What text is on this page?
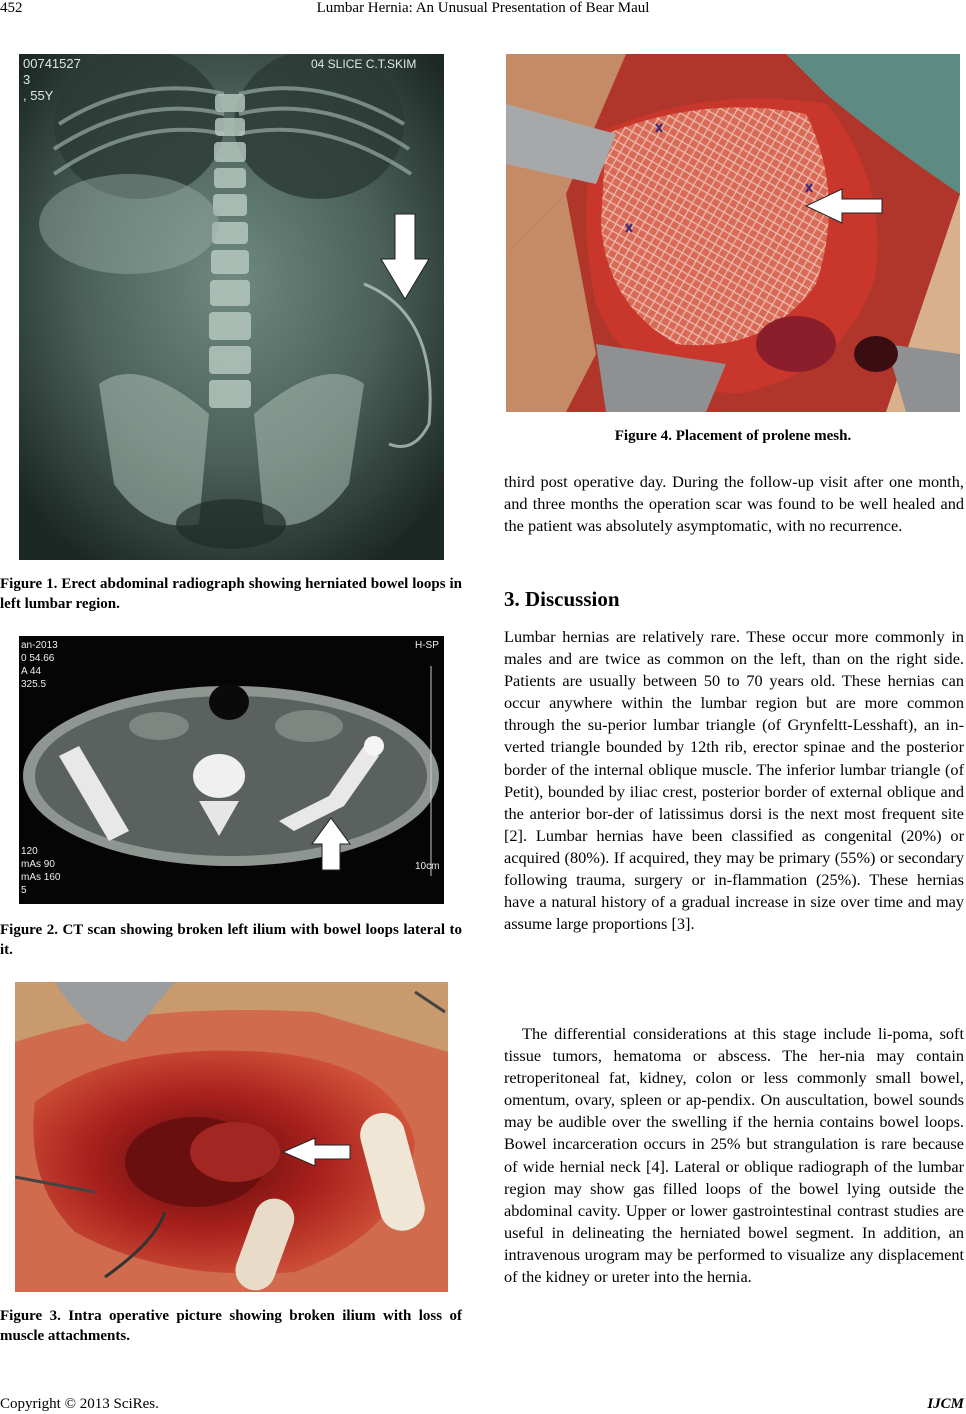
452	Lumbar Hernia: An Unusual Presentation of Bear Maul
00741527
3
, 55Y
04 SLICE C.T.SKIM
Figure 1. Erect abdominal radiograph showing herniated bowel loops in left lumbar region.
an-2013
0 54.66
A 44
325.5
120
mAs 90
mAs 160
5
10cm
H-SP
Figure 2. CT scan showing broken left ilium with bowel loops lateral to it.
Figure 3. Intra operative picture showing broken ilium with loss of muscle attachments.
Figure 4. Placement of prolene mesh.

third post operative day. During the follow-up visit after one month, and three months the operation scar was found to be well healed and the patient was absolutely asymptomatic, with no recurrence.

3. Discussion

Lumbar hernias are relatively rare. These occur more commonly in males and are twice as common on the left, than on the right side. Patients are usually between 50 to 70 years old. These hernias can occur anywhere within the lumbar region but are more common through the su-perior lumbar triangle (of Grynfeltt-Lesshaft), an in-verted triangle bounded by 12th rib, erector spinae and the posterior border of the internal oblique muscle. The inferior lumbar triangle (of Petit), bounded by iliac crest, posterior border of external oblique and the anterior bor-der of latissimus dorsi is the next most frequent site [2]. Lumbar hernias have been classified as congenital (20%) or acquired (80%). If acquired, they may be primary (55%) or secondary following trauma, surgery or in-flammation (25%). These hernias have a natural history of a gradual increase in size over time and may assume large proportions [3].

The differential considerations at this stage include li-poma, soft tissue tumors, hematoma or abscess. The her-nia may contain retroperitoneal fat, kidney, colon or less commonly small bowel, omentum, ovary, spleen or ap-pendix. On auscultation, bowel sounds may be audible over the swelling if the hernia contains bowel loops. Bowel incarceration occurs in 25% but strangulation is rare because of wide hernial neck [4]. Lateral or oblique radiograph of the lumbar region may show gas filled loops of the bowel lying outside the abdominal cavity. Upper or lower gastrointestinal contrast studies are useful in delineating the herniated bowel segment. In addition, an intravenous urogram may be performed to visualize any displacement of the kidney or ureter into the hernia.

Copyright © 2013 SciRes.	IJCM
